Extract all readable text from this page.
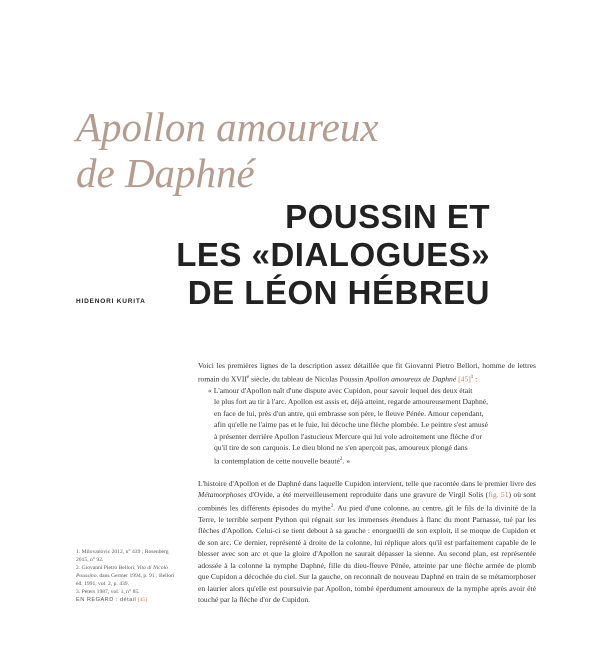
Apollon amoureux
de Daphné
POUSSIN ET
LES «DIALOGUES»
DE LÉON HÉBREU
HIDENORI KURITA

Voici les premières lignes de la description assez détaillée que fit Giovanni Pietro Bellori, homme de lettres romain du XVIIe siècle, du tableau de Nicolas Poussin Apollon amoureux de Daphné $[45]^1$ :

« L'amour d'Apollon naît d'une dispute avec Cupidon, pour savoir lequel des deux était

le plus fort au tir à l'arc. Apollon est assis et, déjà atteint, regarde amoureusement Daphné,

en face de lui, près d'un antre, qui embrasse son père, le fleuve Pénée. Amour cependant,

afin qu'elle ne l'aime pas et le fuie, lui décoche une flèche plombée. Le peintre s'est amusé

à présenter derrière Apollon l'astucieux Mercure qui lui vole adroitement une flèche d'or

qu'il tire de son carquois. Le dieu blond ne s'en aperçoit pas, amoureux plongé dans

la contemplation de cette nouvelle beauté$^2$. »

L'histoire d'Apollon et de Daphné dans laquelle Cupidon intervient, telle que racontée dans le premier livre des Métamorphoses d'Ovide, a été merveilleusement reproduite dans une gravure de Virgil Solis (fig. 51) où sont combinés les différents épisodes du mythe$^3$. Au pied d'une colonne, au centre, gît le fils de la divinité de la Terre, le terrible serpent Python qui régnait sur les immenses étendues à flanc du mont Parnasse, tué par les flèches d'Apollon. Celui-ci se tient debout à sa gauche : enorgueilli de son exploit, il se moque de Cupidon et de son arc. Ce dernier, représenté à droite de la colonne, lui réplique alors qu'il est parfaitement capable de le blesser avec son arc et que la gloire d'Apollon ne saurait dépasser la sienne. Au second plan, est représentée adossée à la colonne la nymphe Daphné, fille du dieu-fleuve Pénée, atteinte par une flèche armée de plomb que Cupidon a décochée du ciel. Sur la gauche, on reconnaît de nouveau Daphné en train de se métamorphoser en laurier alors qu'elle est poursuivie par Apollon, tombé éperdument amoureux de la nymphe après avoir été touché par la flèche d'or de Cupidon.

1. Milovanovic 2012, n° 439 ; Rosenberg 2015, n° 92.

2. Giovanni Pietro Bellori, Vita di Nicolò Poussino, dans Germer 1994, p. 91 ; Bellori éd. 1991, vol. 2, p. 439.

3. Peters 1987, vol. 1, n° 85.

EN REGARD : détail [45]
